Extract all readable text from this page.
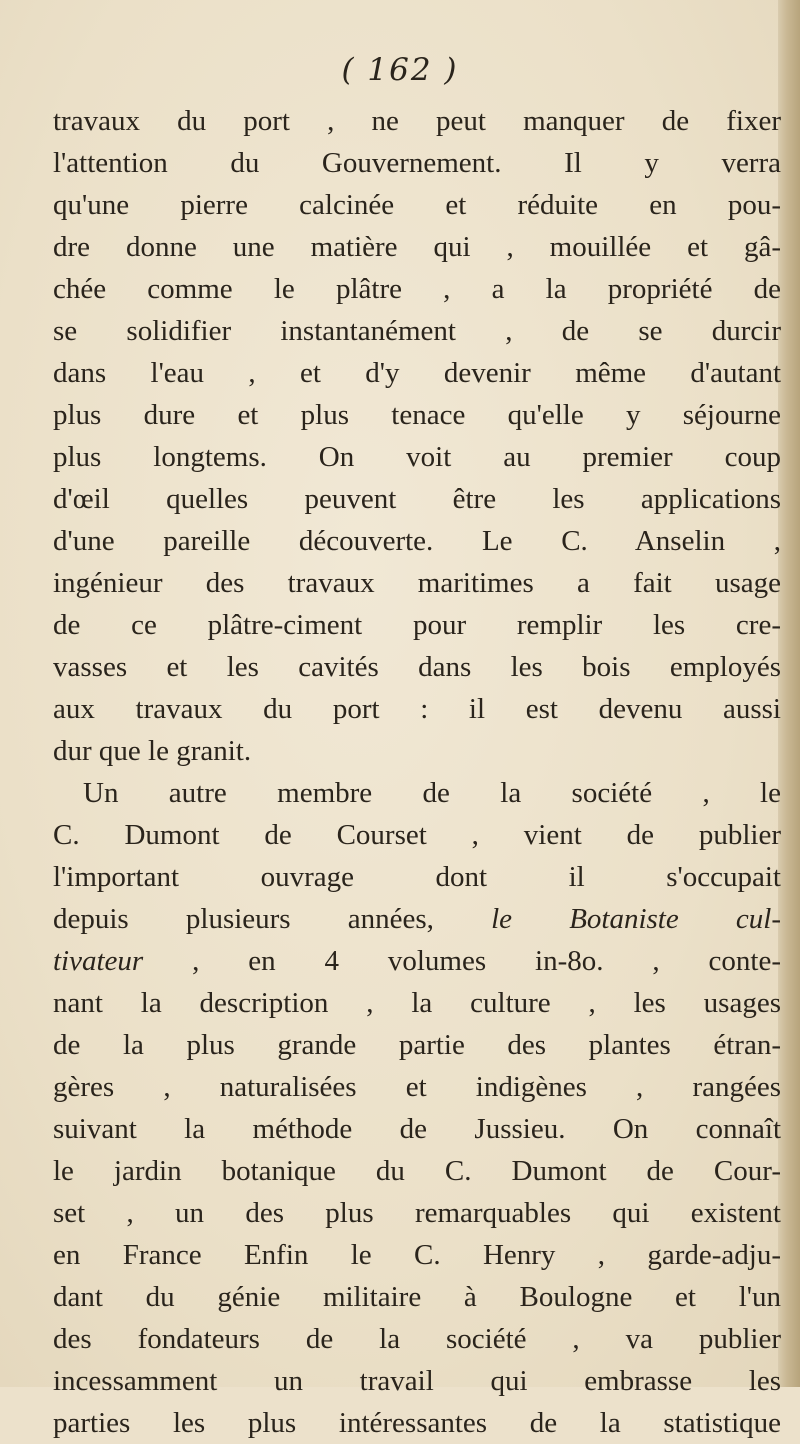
( 162 )
travaux du port , ne peut manquer de fixer
l'attention du Gouvernement. Il y verra
qu'une pierre calcinée et réduite en pou-
dre donne une matière qui , mouillée et gâ-
chée comme le plâtre , a la propriété de
se solidifier instantanément , de se durcir
dans l'eau , et d'y devenir même d'autant
plus dure et plus tenace qu'elle y séjourne
plus longtems. On voit au premier coup
d'œil quelles peuvent être les applications
d'une pareille découverte. Le C. Anselin ,
ingénieur des travaux maritimes a fait usage
de ce plâtre-ciment pour remplir les cre-
vasses et les cavités dans les bois employés
aux travaux du port : il est devenu aussi
dur que le granit.
Un autre membre de la société , le
C. Dumont de Courset , vient de publier
l'important ouvrage dont il s'occupait
depuis plusieurs années, le Botaniste cul-
tivateur , en 4 volumes in-8o. , conte-
nant la description , la culture , les usages
de la plus grande partie des plantes étran-
gères , naturalisées et indigènes , rangées
suivant la méthode de Jussieu. On connaît
le jardin botanique du C. Dumont de Cour-
set , un des plus remarquables qui existent
en France Enfin le C. Henry , garde-adju-
dant du génie militaire à Boulogne et l'un
des fondateurs de la société , va publier
incessamment un travail qui embrasse les
parties les plus intéressantes de la statistique
